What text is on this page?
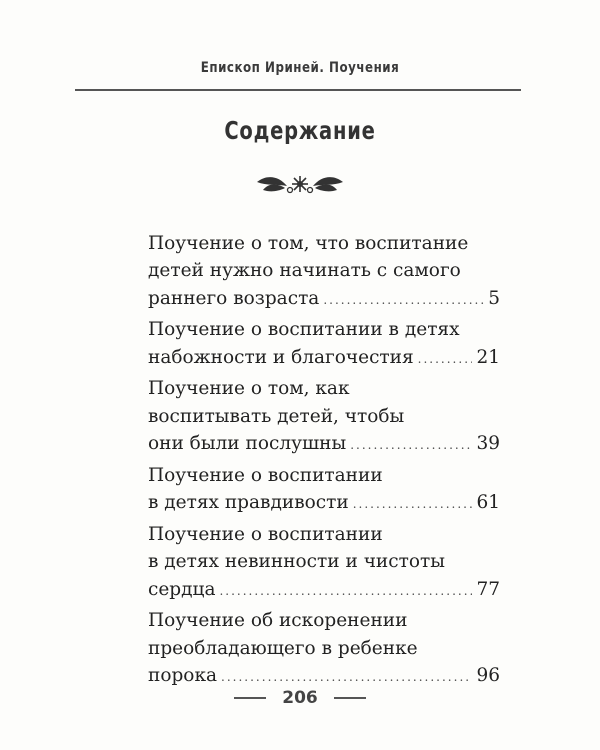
Епископ Ириней. Поучения
Содержание
Поучение о том, что воспитание
детей нужно начинать с самого
раннего возраста .....	5
Поучение о воспитании в детях
набожности и благочестия .....	21
Поучение о том, как
воспитывать детей, чтобы
они были послушны .....	39
Поучение о воспитании
в детях правдивости .....	61
Поучение о воспитании
в детях невинности и чистоты
сердца .....	77
Поучение об искоренении
преобладающего в ребенке
порока .....	96
206
